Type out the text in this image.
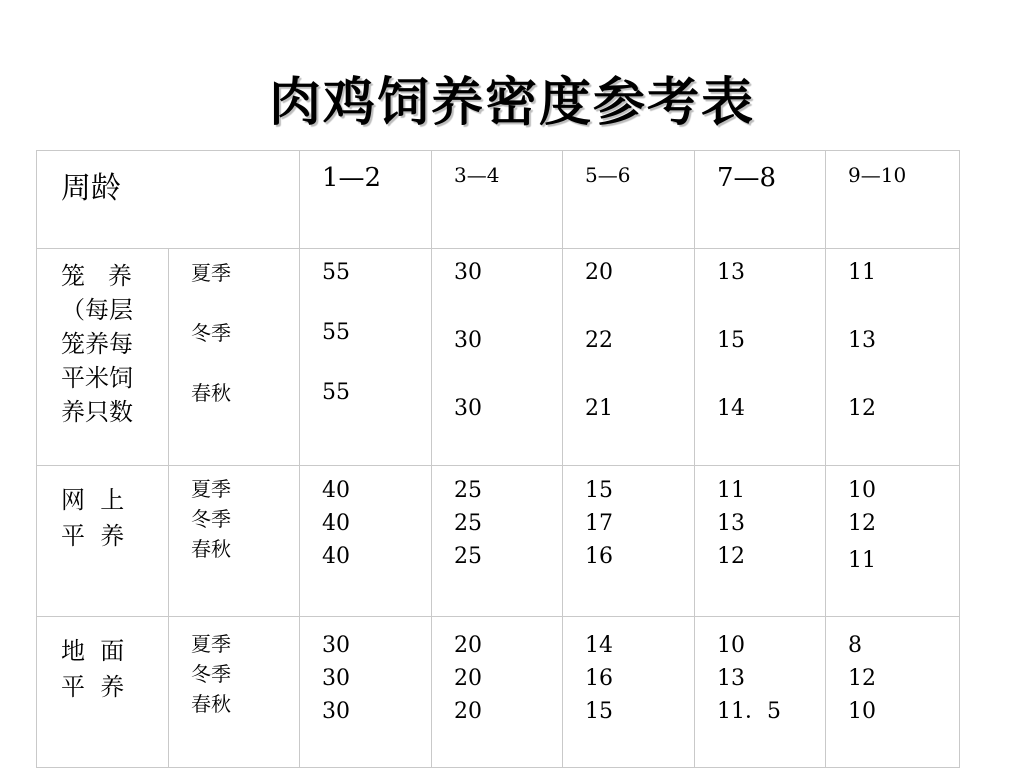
肉鸡饲养密度参考表
周龄		1—2	3—4	5—6	7—8	9—10

笼   养
（每层
笼养每
平米饲
养只数	夏季
冬季
春秋	55
55
55	30
30
30	20
22
21	13
15
14	11
13
12

网  上
平  养	夏季
冬季
春秋	40
40
40	25
25
25	15
17
16	11
13
12	10
12
11

地  面
平  养	夏季
冬季
春秋	30
30
30	20
20
20	14
16
15	10
13
11．5	8
12
10
